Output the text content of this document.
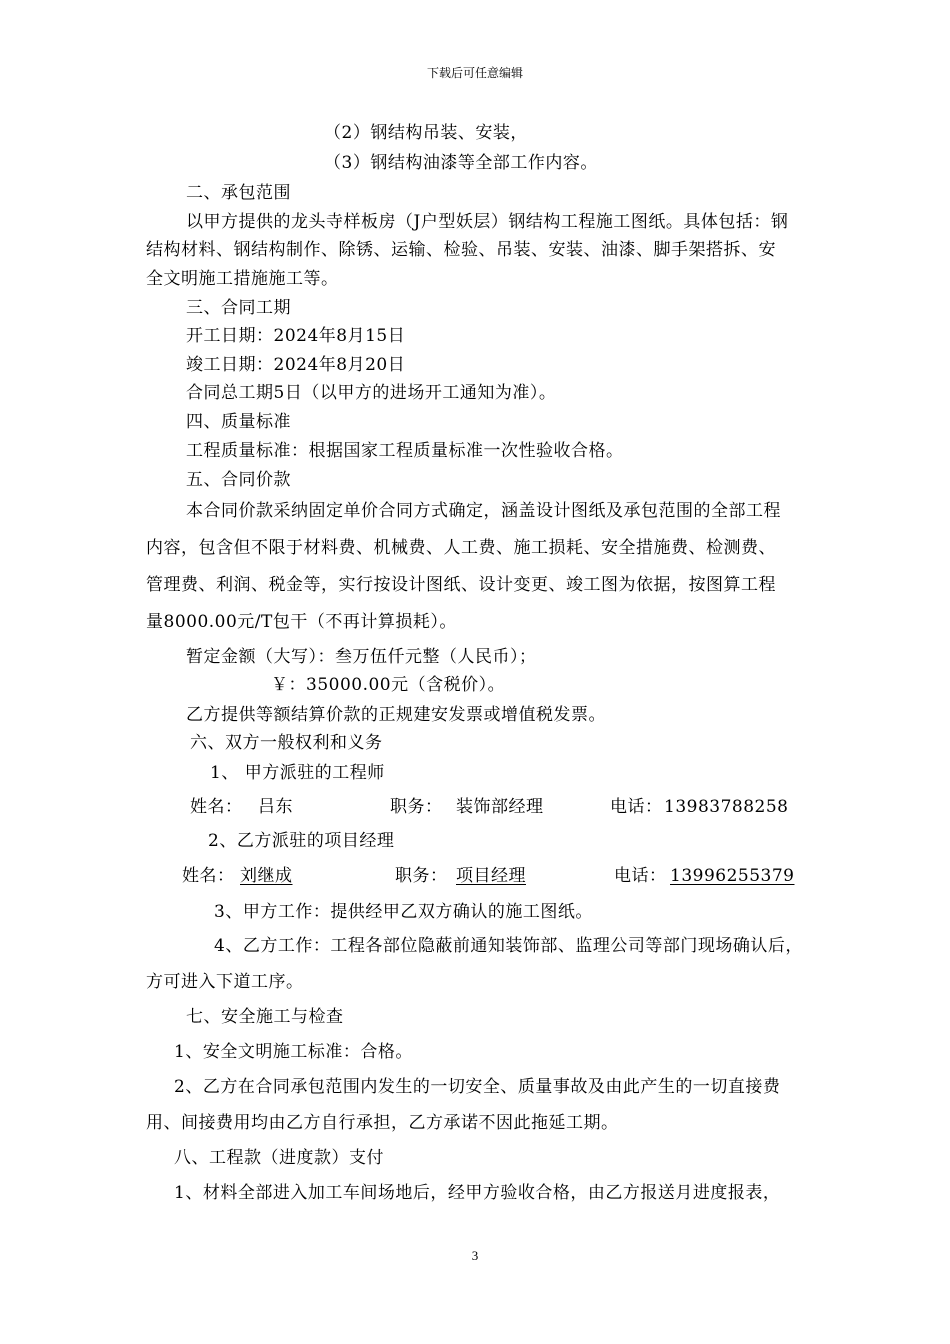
下载后可任意编辑
（2）钢结构吊装、安装，
（3）钢结构油漆等全部工作内容。
二、承包范围
以甲方提供的龙头寺样板房（J户型妖层）钢结构工程施工图纸。具体包括：钢
结构材料、钢结构制作、除锈、运输、检验、吊装、安装、油漆、脚手架搭拆、安
全文明施工措施施工等。
三、合同工期
开工日期：2024年8月15日
竣工日期：2024年8月20日
合同总工期5日（以甲方的进场开工通知为准）。
四、质量标准
工程质量标准：根据国家工程质量标准一次性验收合格。
五、合同价款
本合同价款采纳固定单价合同方式确定，涵盖设计图纸及承包范围的全部工程
内容，包含但不限于材料费、机械费、人工费、施工损耗、安全措施费、检测费、
管理费、利润、税金等，实行按设计图纸、设计变更、竣工图为依据，按图算工程
量8000.00元/T包干（不再计算损耗）。
暂定金额（大写）：叁万伍仟元整（人民币）；
￥：35000.00元（含税价）。
乙方提供等额结算价款的正规建安发票或增值税发票。
六、双方一般权利和义务
1、 甲方派驻的工程师
姓名： 吕东	职务： 装饰部经理	电话： 13983788258
2、乙方派驻的项目经理
姓名： 刘继成	职务： 项目经理	电话： 13996255379
3、甲方工作：提供经甲乙双方确认的施工图纸。
4、乙方工作：工程各部位隐蔽前通知装饰部、监理公司等部门现场确认后，
方可进入下道工序。
七、安全施工与检查
1、安全文明施工标准：合格。
2、乙方在合同承包范围内发生的一切安全、质量事故及由此产生的一切直接费
用、间接费用均由乙方自行承担，乙方承诺不因此拖延工期。
八、工程款（进度款）支付
1、材料全部进入加工车间场地后，经甲方验收合格，由乙方报送月进度报表，
3
